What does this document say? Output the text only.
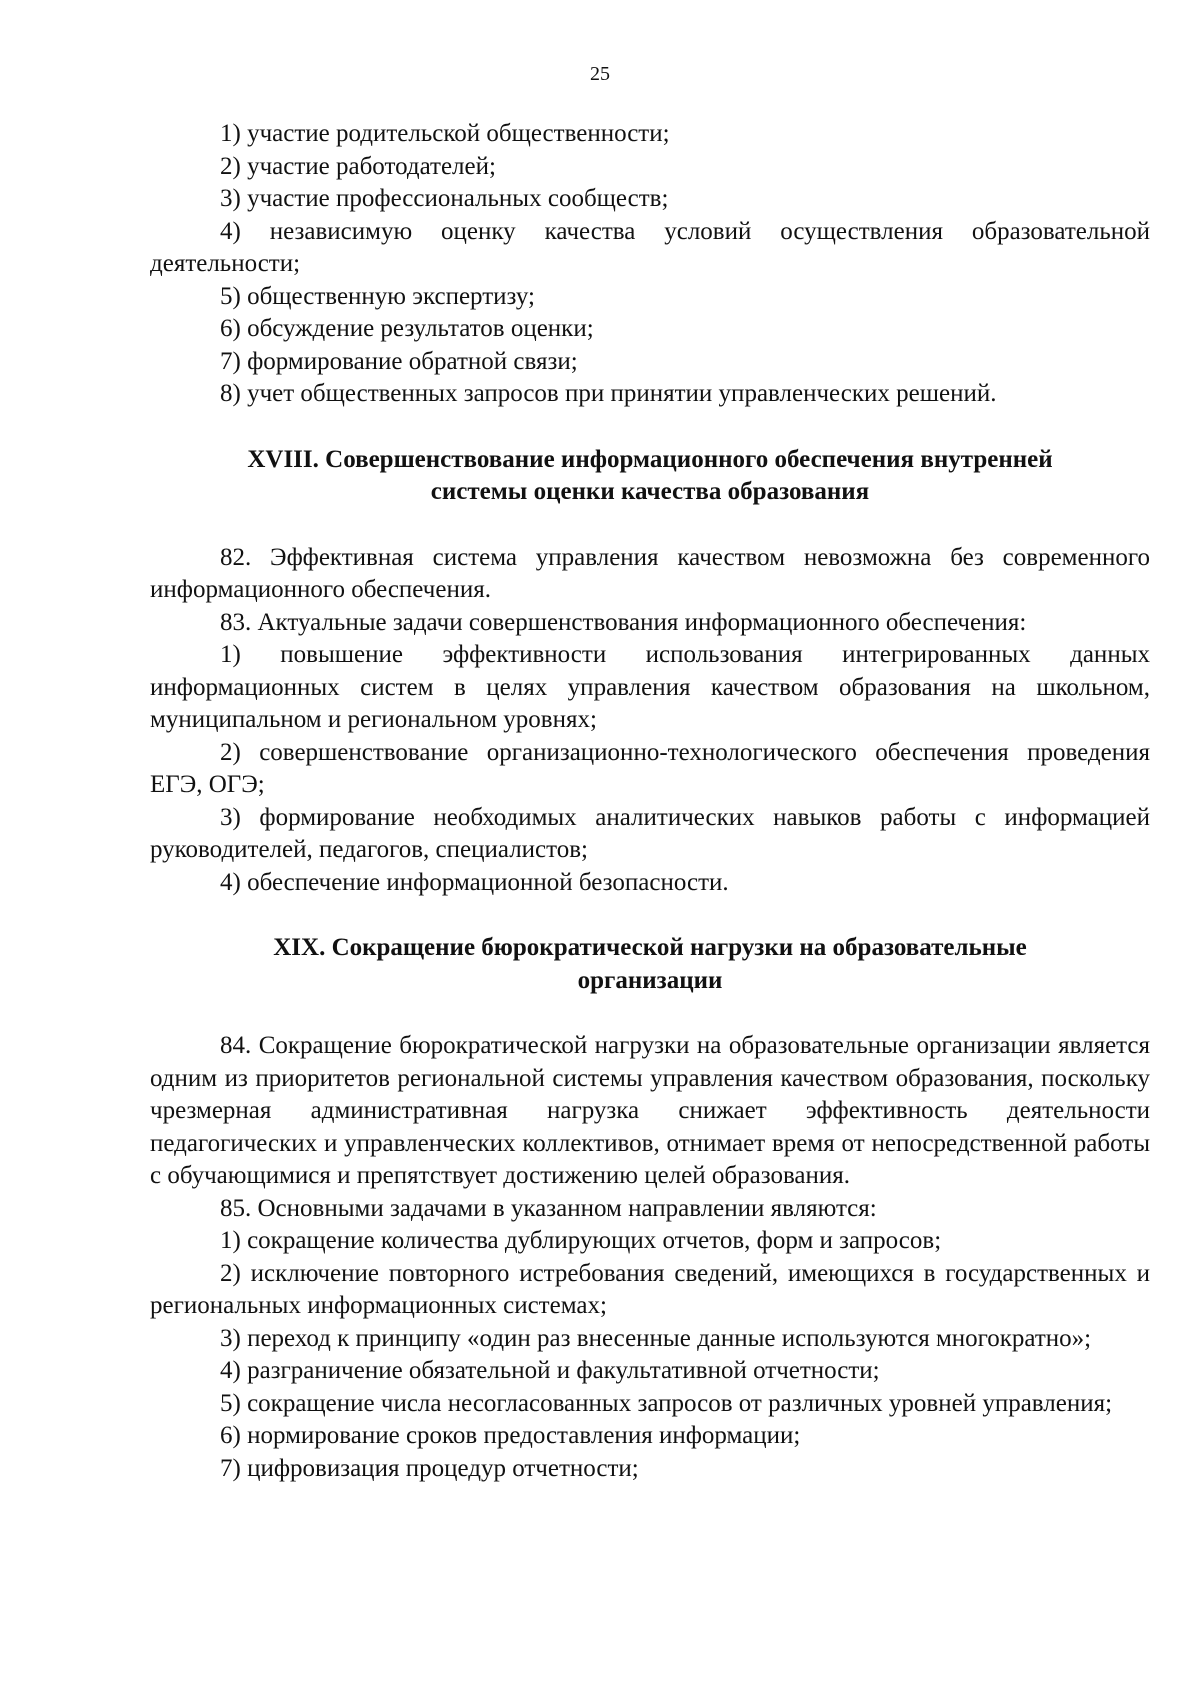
25

1) участие родительской общественности;

2) участие работодателей;

3) участие профессиональных сообществ;

4) независимую оценку качества условий осуществления образовательной деятельности;

5) общественную экспертизу;

6) обсуждение результатов оценки;

7) формирование обратной связи;

8) учет общественных запросов при принятии управленческих решений.

XVIII. Совершенствование информационного обеспечения внутренней
системы оценки качества образования

82. Эффективная система управления качеством невозможна без современного информационного обеспечения.

83. Актуальные задачи совершенствования информационного обеспечения:

1) повышение эффективности использования интегрированных данных информационных систем в целях управления качеством образования на школьном, муниципальном и региональном уровнях;

2) совершенствование организационно-технологического обеспечения проведения ЕГЭ, ОГЭ;

3) формирование необходимых аналитических навыков работы с информацией руководителей, педагогов, специалистов;

4) обеспечение информационной безопасности.

XIX. Сокращение бюрократической нагрузки на образовательные
организации

84. Сокращение бюрократической нагрузки на образовательные организации является одним из приоритетов региональной системы управления качеством образования, поскольку чрезмерная административная нагрузка снижает эффективность деятельности педагогических и управленческих коллективов, отнимает время от непосредственной работы с обучающимися и препятствует достижению целей образования.

85. Основными задачами в указанном направлении являются:

1) сокращение количества дублирующих отчетов, форм и запросов;

2) исключение повторного истребования сведений, имеющихся в государственных и региональных информационных системах;

3) переход к принципу «один раз внесенные данные используются многократно»;

4) разграничение обязательной и факультативной отчетности;

5) сокращение числа несогласованных запросов от различных уровней управления;

6) нормирование сроков предоставления информации;

7) цифровизация процедур отчетности;
